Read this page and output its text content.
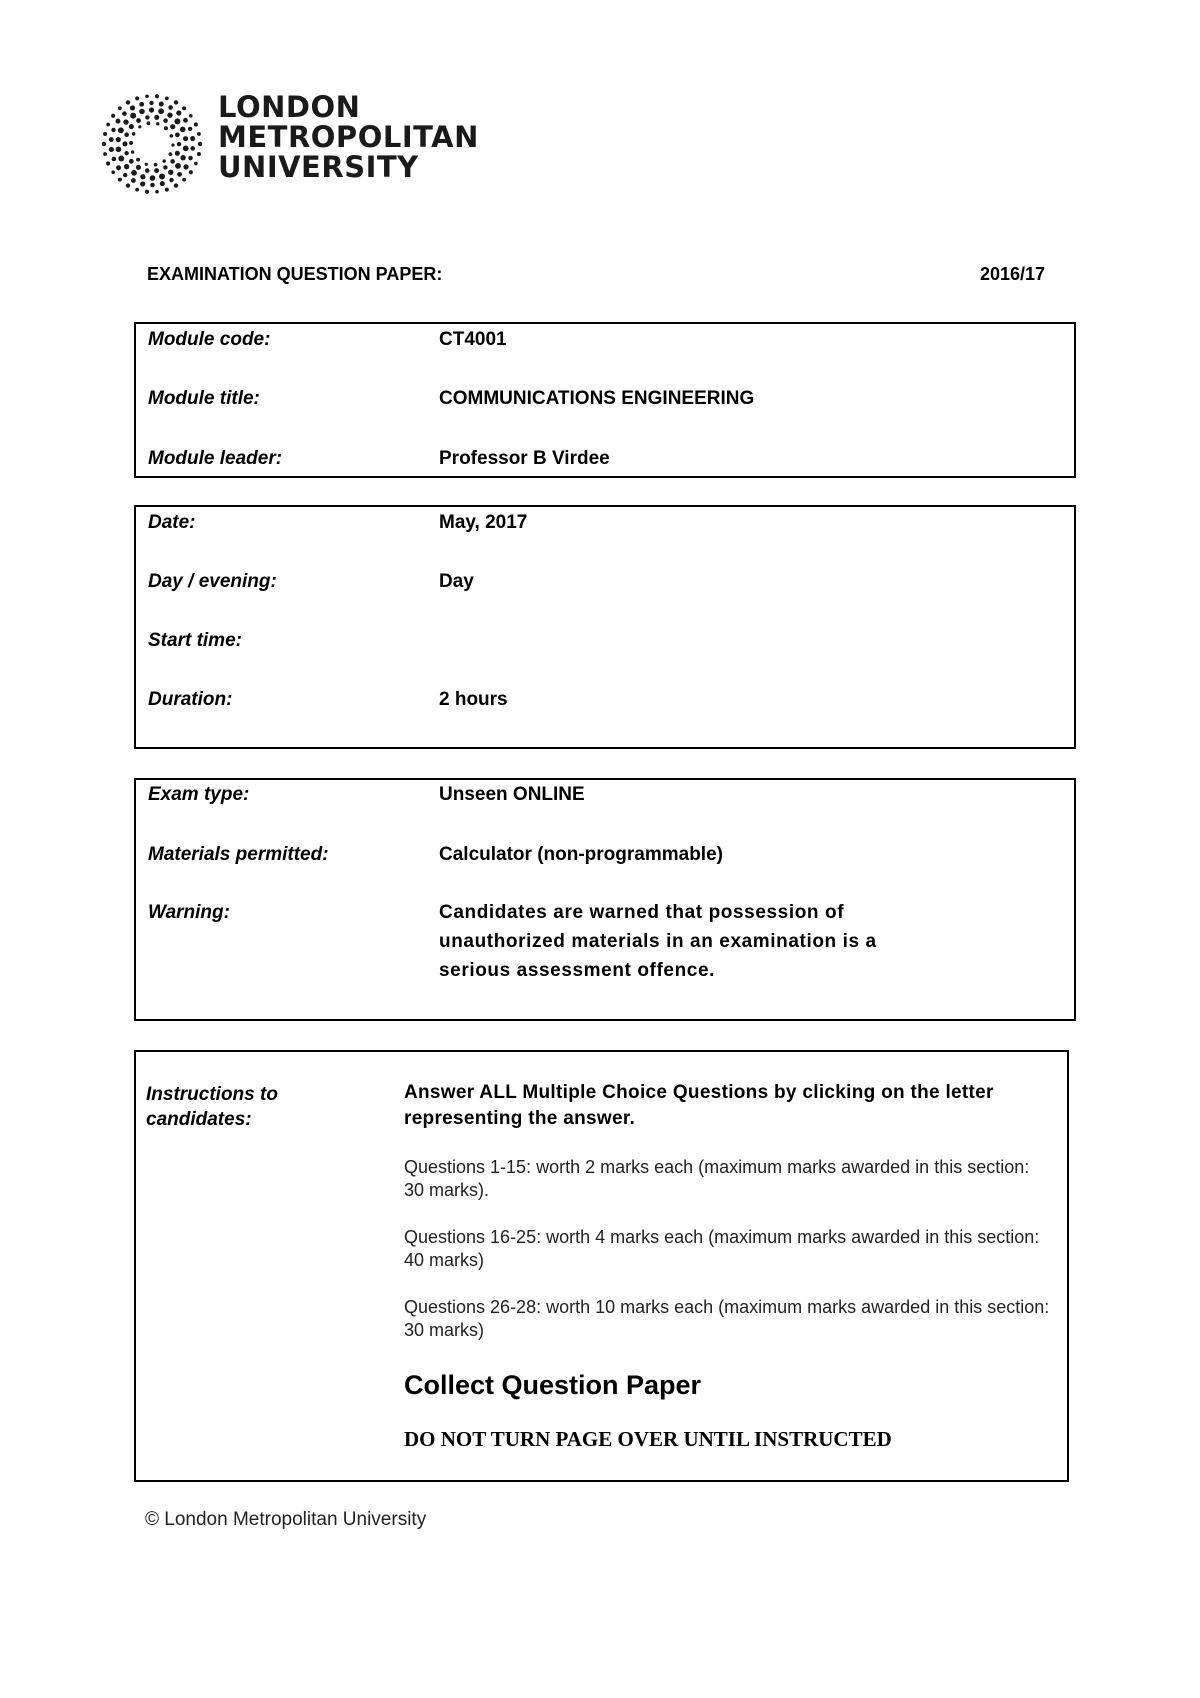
LONDON
METROPOLITAN
UNIVERSITY
EXAMINATION QUESTION PAPER:	2016/17
Module code:	CT4001
Module title:	COMMUNICATIONS ENGINEERING
Module leader:	Professor B Virdee
Date:	May, 2017
Day / evening:	Day
Start time:
Duration:	2 hours
Exam type:	Unseen ONLINE
Materials permitted:	Calculator (non-programmable)
Warning:	Candidates are warned that possession of
unauthorized materials in an examination is a
serious assessment offence.
Instructions to
candidates:
Answer ALL Multiple Choice Questions by clicking on the letter representing the answer.
Questions 1-15: worth 2 marks each (maximum marks awarded in this section: 30 marks).
Questions 16-25: worth 4 marks each (maximum marks awarded in this section: 40 marks)
Questions 26-28: worth 10 marks each (maximum marks awarded in this section: 30 marks)
Collect Question Paper
DO NOT TURN PAGE OVER UNTIL INSTRUCTED
© London Metropolitan University
